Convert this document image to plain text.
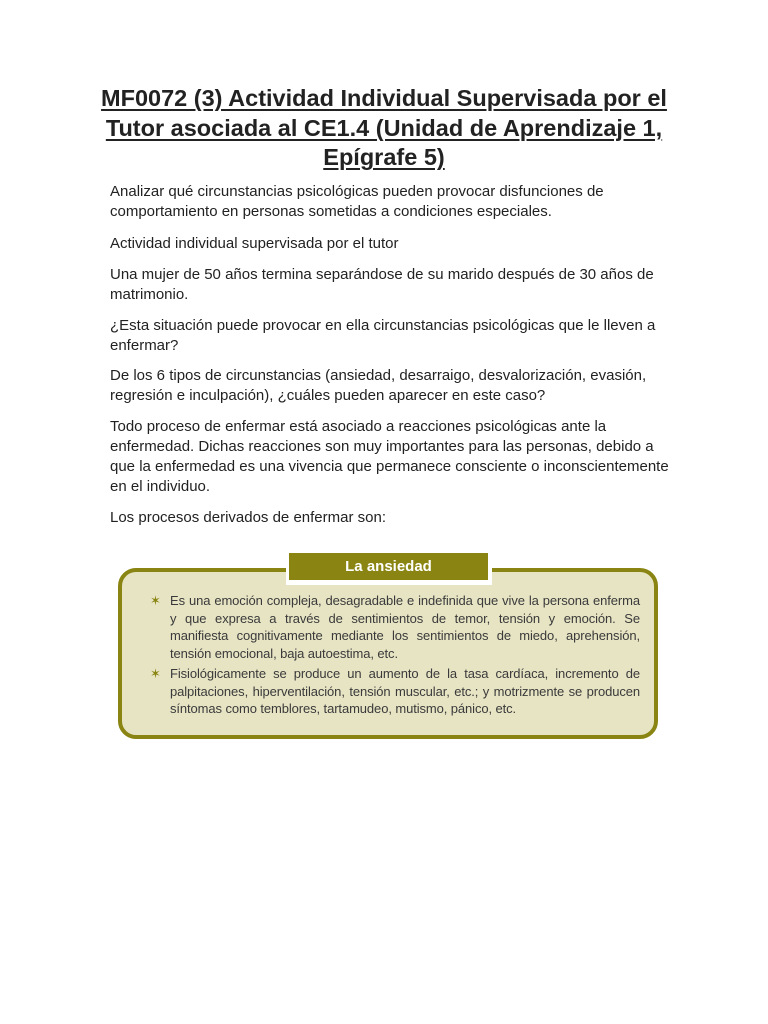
MF0072 (3) Actividad Individual Supervisada por el Tutor asociada al CE1.4 (Unidad de Aprendizaje 1, Epígrafe 5)

Analizar qué circunstancias psicológicas pueden provocar disfunciones de comportamiento en personas sometidas a condiciones especiales.

Actividad individual supervisada por el tutor

Una mujer de 50 años termina separándose de su marido después de 30 años de matrimonio.

¿Esta situación puede provocar en ella circunstancias psicológicas que le lleven a enfermar?

De los 6 tipos de circunstancias (ansiedad, desarraigo, desvalorización, evasión, regresión e inculpación), ¿cuáles pueden aparecer en este caso?

Todo proceso de enfermar está asociado a reacciones psicológicas ante la enfermedad. Dichas reacciones son muy importantes para las personas, debido a que la enfermedad es una vivencia que permanece consciente o inconscientemente en el individuo.

Los procesos derivados de enfermar son:

✶ Es una emoción compleja, desagradable e indefinida que vive la persona enferma y que expresa a través de sentimientos de temor, tensión y emoción. Se manifiesta cognitivamente mediante los sentimientos de miedo, aprehensión, tensión emocional, baja autoestima, etc.
✶ Fisiológicamente se produce un aumento de la tasa cardíaca, incremento de palpitaciones, hiperventilación, tensión muscular, etc.; y motrizmente se producen síntomas como temblores, tartamudeo, mutismo, pánico, etc.
La ansiedad
